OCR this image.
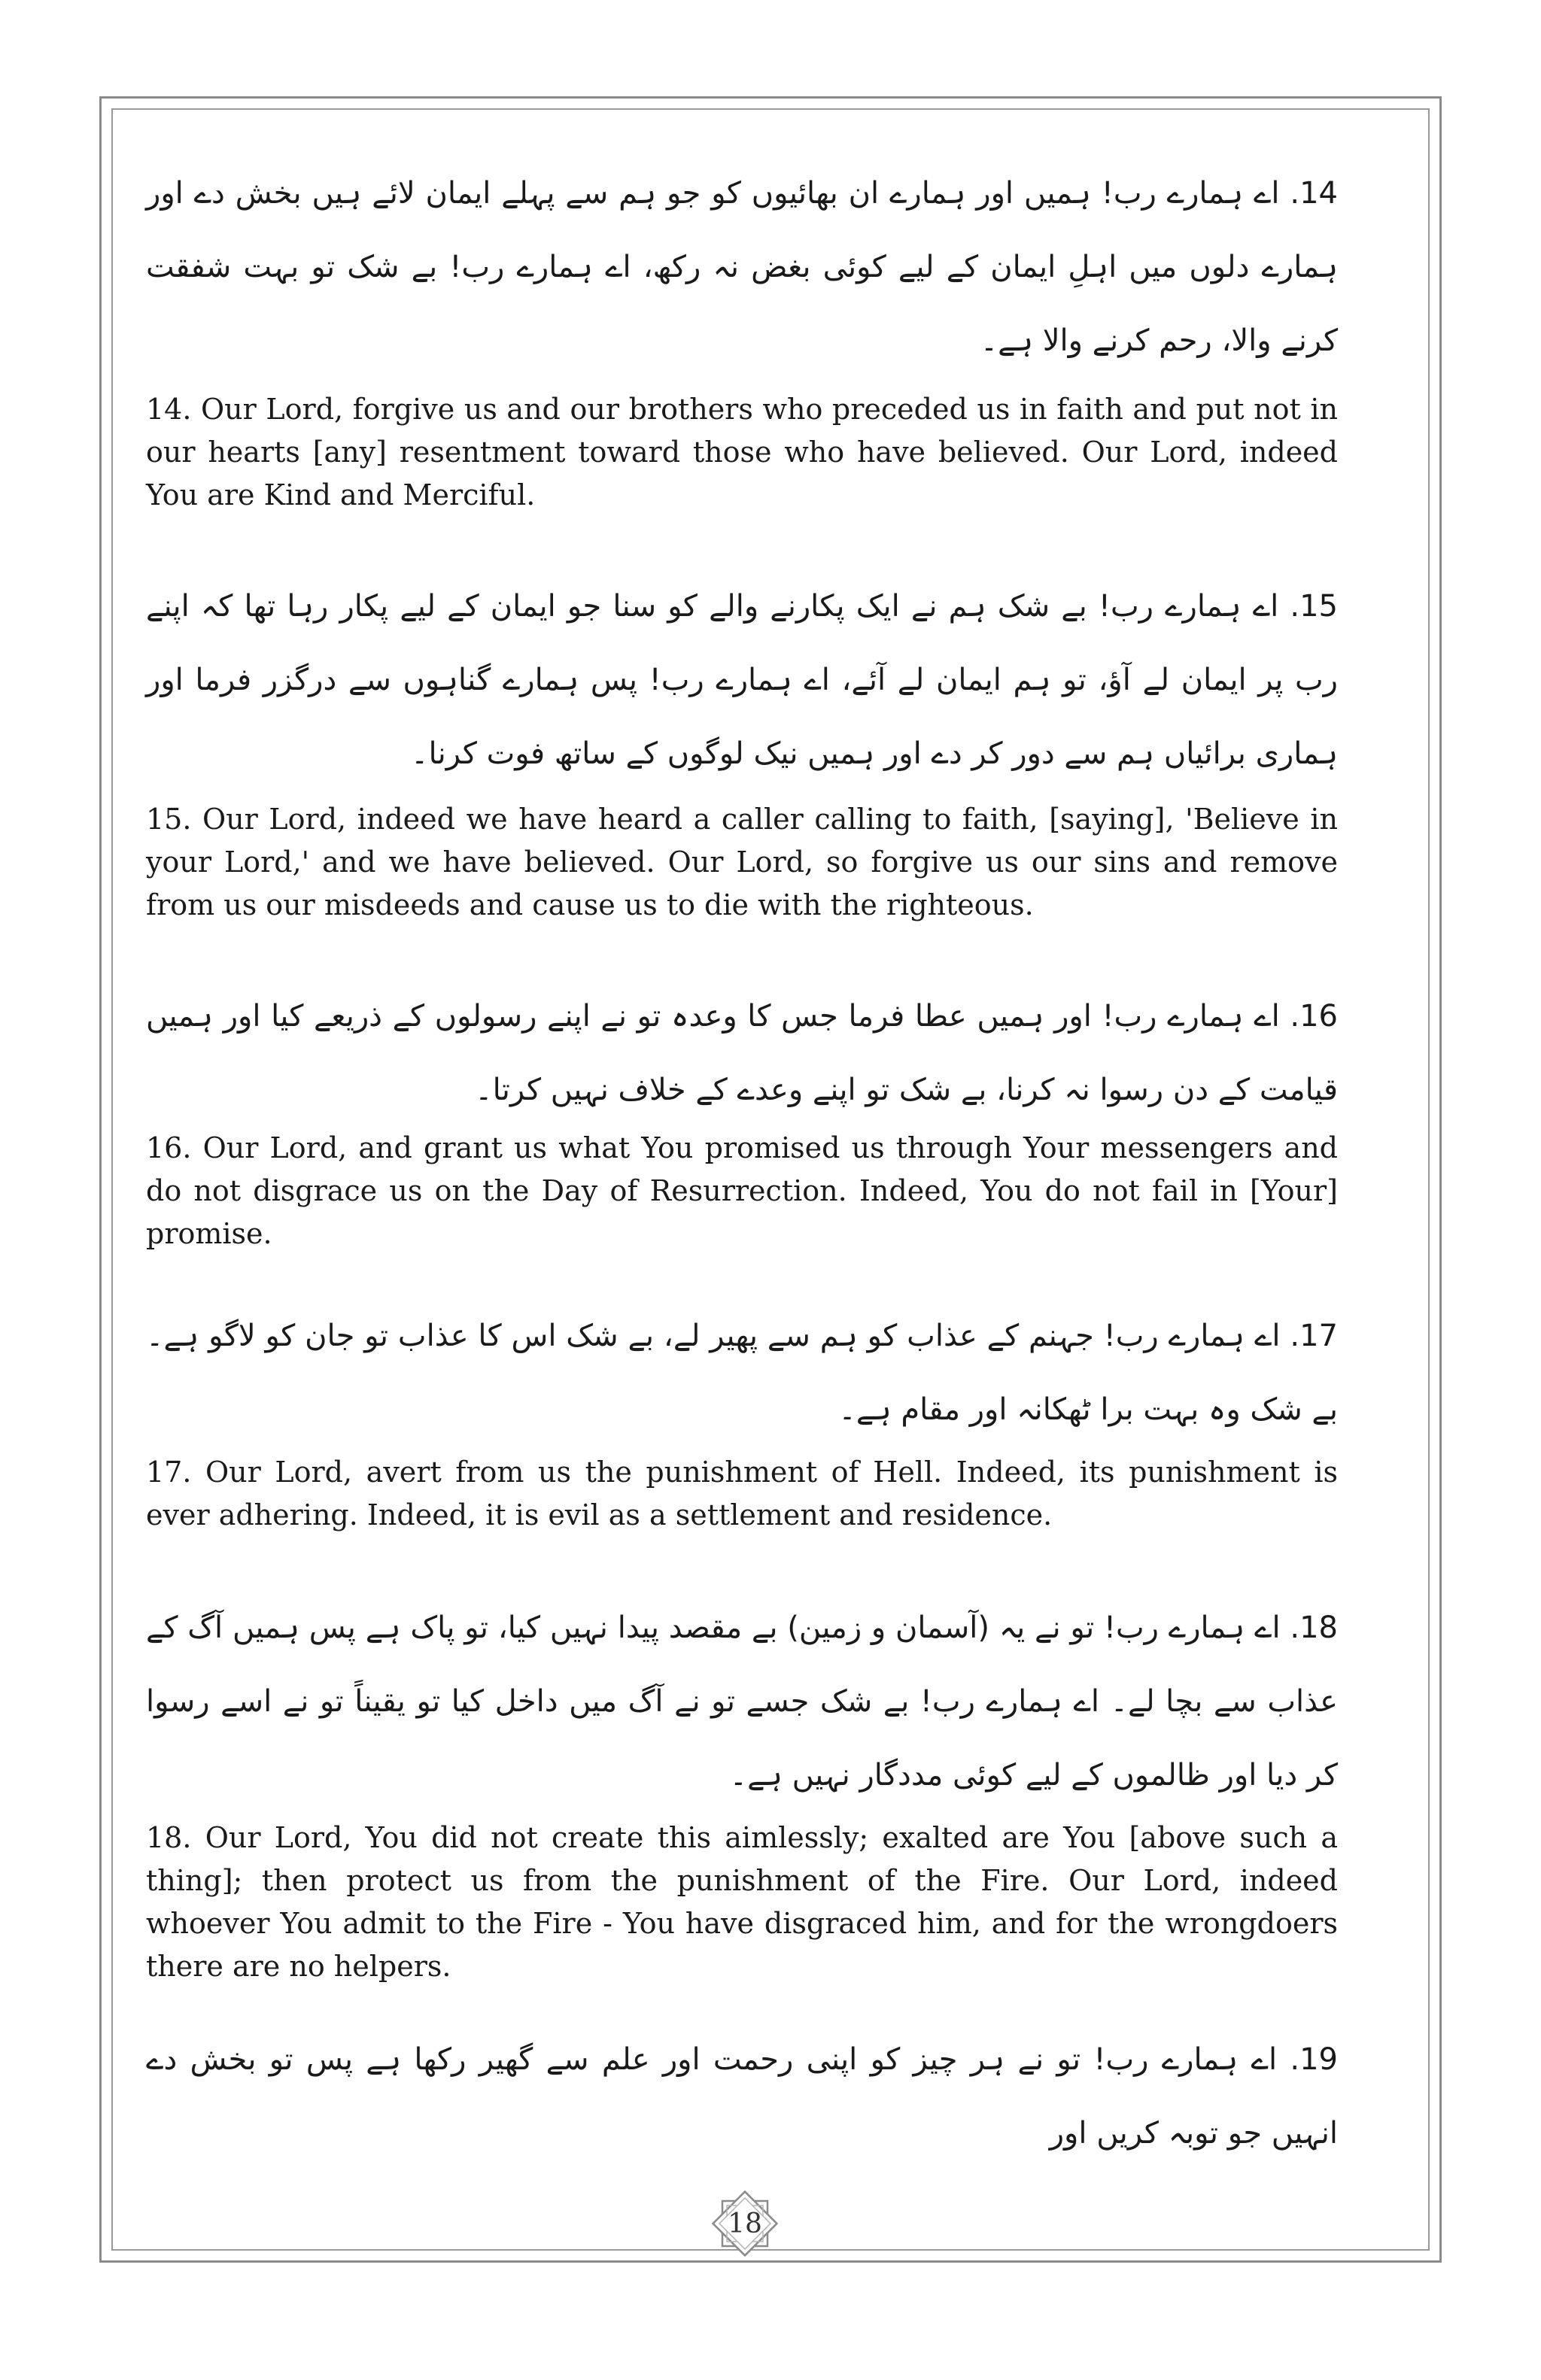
14. اے ہمارے رب! ہمیں اور ہمارے ان بھائیوں کو جو ہم سے پہلے ایمان لائے ہیں بخش دے اور ہمارے دلوں میں اہلِ ایمان کے لیے کوئی بغض نہ رکھ، اے ہمارے رب! بے شک تو بہت شفقت کرنے والا، رحم کرنے والا ہے۔

14. Our Lord, forgive us and our brothers who preceded us in faith and put not in our hearts [any] resentment toward those who have believed. Our Lord, indeed You are Kind and Merciful.

15. اے ہمارے رب! بے شک ہم نے ایک پکارنے والے کو سنا جو ایمان کے لیے پکار رہا تھا کہ اپنے رب پر ایمان لے آؤ، تو ہم ایمان لے آئے، اے ہمارے رب! پس ہمارے گناہوں سے درگزر فرما اور ہماری برائیاں ہم سے دور کر دے اور ہمیں نیک لوگوں کے ساتھ فوت کرنا۔

15. Our Lord, indeed we have heard a caller calling to faith, [saying], 'Believe in your Lord,' and we have believed. Our Lord, so forgive us our sins and remove from us our misdeeds and cause us to die with the righteous.

16. اے ہمارے رب! اور ہمیں عطا فرما جس کا وعدہ تو نے اپنے رسولوں کے ذریعے کیا اور ہمیں قیامت کے دن رسوا نہ کرنا، بے شک تو اپنے وعدے کے خلاف نہیں کرتا۔

16. Our Lord, and grant us what You promised us through Your messengers and do not disgrace us on the Day of Resurrection. Indeed, You do not fail in [Your] promise.

17. اے ہمارے رب! جہنم کے عذاب کو ہم سے پھیر لے، بے شک اس کا عذاب تو جان کو لاگو ہے۔ بے شک وہ بہت برا ٹھکانہ اور مقام ہے۔

17. Our Lord, avert from us the punishment of Hell. Indeed, its punishment is ever adhering. Indeed, it is evil as a settlement and residence.

18. اے ہمارے رب! تو نے یہ (آسمان و زمین) بے مقصد پیدا نہیں کیا، تو پاک ہے پس ہمیں آگ کے عذاب سے بچا لے۔ اے ہمارے رب! بے شک جسے تو نے آگ میں داخل کیا تو یقیناً تو نے اسے رسوا کر دیا اور ظالموں کے لیے کوئی مددگار نہیں ہے۔

18. Our Lord, You did not create this aimlessly; exalted are You [above such a thing]; then protect us from the punishment of the Fire. Our Lord, indeed whoever You admit to the Fire - You have disgraced him, and for the wrongdoers there are no helpers.

19. اے ہمارے رب! تو نے ہر چیز کو اپنی رحمت اور علم سے گھیر رکھا ہے پس تو بخش دے انہیں جو توبہ کریں اور

18
